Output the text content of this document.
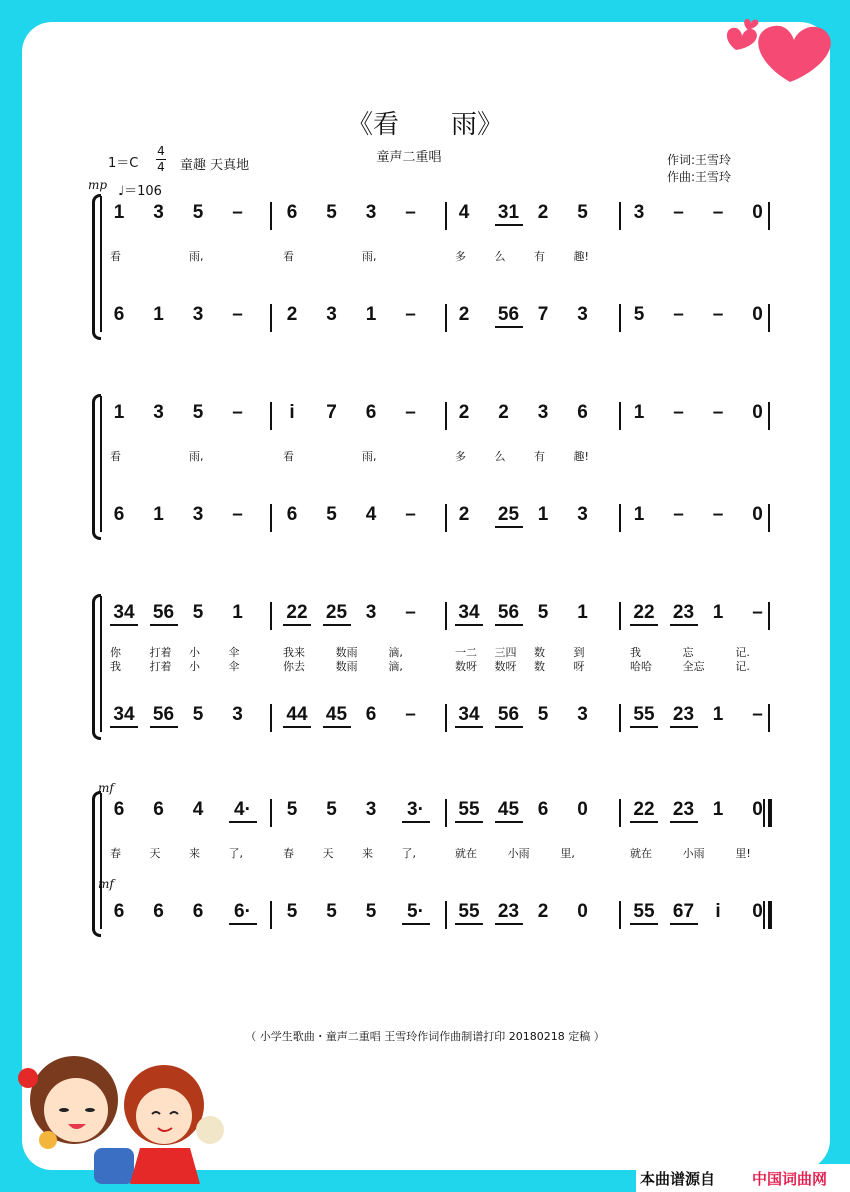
《看　　雨》
童声二重唱
1＝C
4
4 童趣 天真地	作词:王雪玲
作曲:王雪玲
mp ♩＝106
1 3 5 – 6 5 3 – 4 31 2 5 3 – – 0
看	雨,	看	雨,	多	么	有	趣!
6 1 3 – 2 3 1 – 2 56 7 3 5 – – 0
1 3 5 –	i	7 6 – 2 2 3 6 1 – – 0
看	雨,	看	雨,	多	么	有	趣!
6 1 3 – 6 5 4 – 2 25 1 3 1 – – 0
34 56 5 1 22 25 3 – 34 56 5 1 22 23 1 –
你	打着 小	伞	我来	数雨	滴,	一二 三四 数	到	我	忘	记.
我	打着 小	伞	你去	数雨	滴,	数呀 数呀 数	呀	哈哈	全忘	记.
34 56 5 3 44 45 6 – 34 56 5 3 55 23 1 –
6 6 4 4· 5 5 3 3· 55 45 6 0 22 23 1 0
春	天	来	了,	春	天	来	了,	就在	小雨	里,	就在	小雨	里!
6 6 6 6· 5 5 5 5· 55 23 2 0 55 67	i	0
mf
mf
（ 小学生歌曲・童声二重唱 王雪玲作词作曲制谱打印 20180218 定稿 ）
本曲谱源自 中国词曲网
